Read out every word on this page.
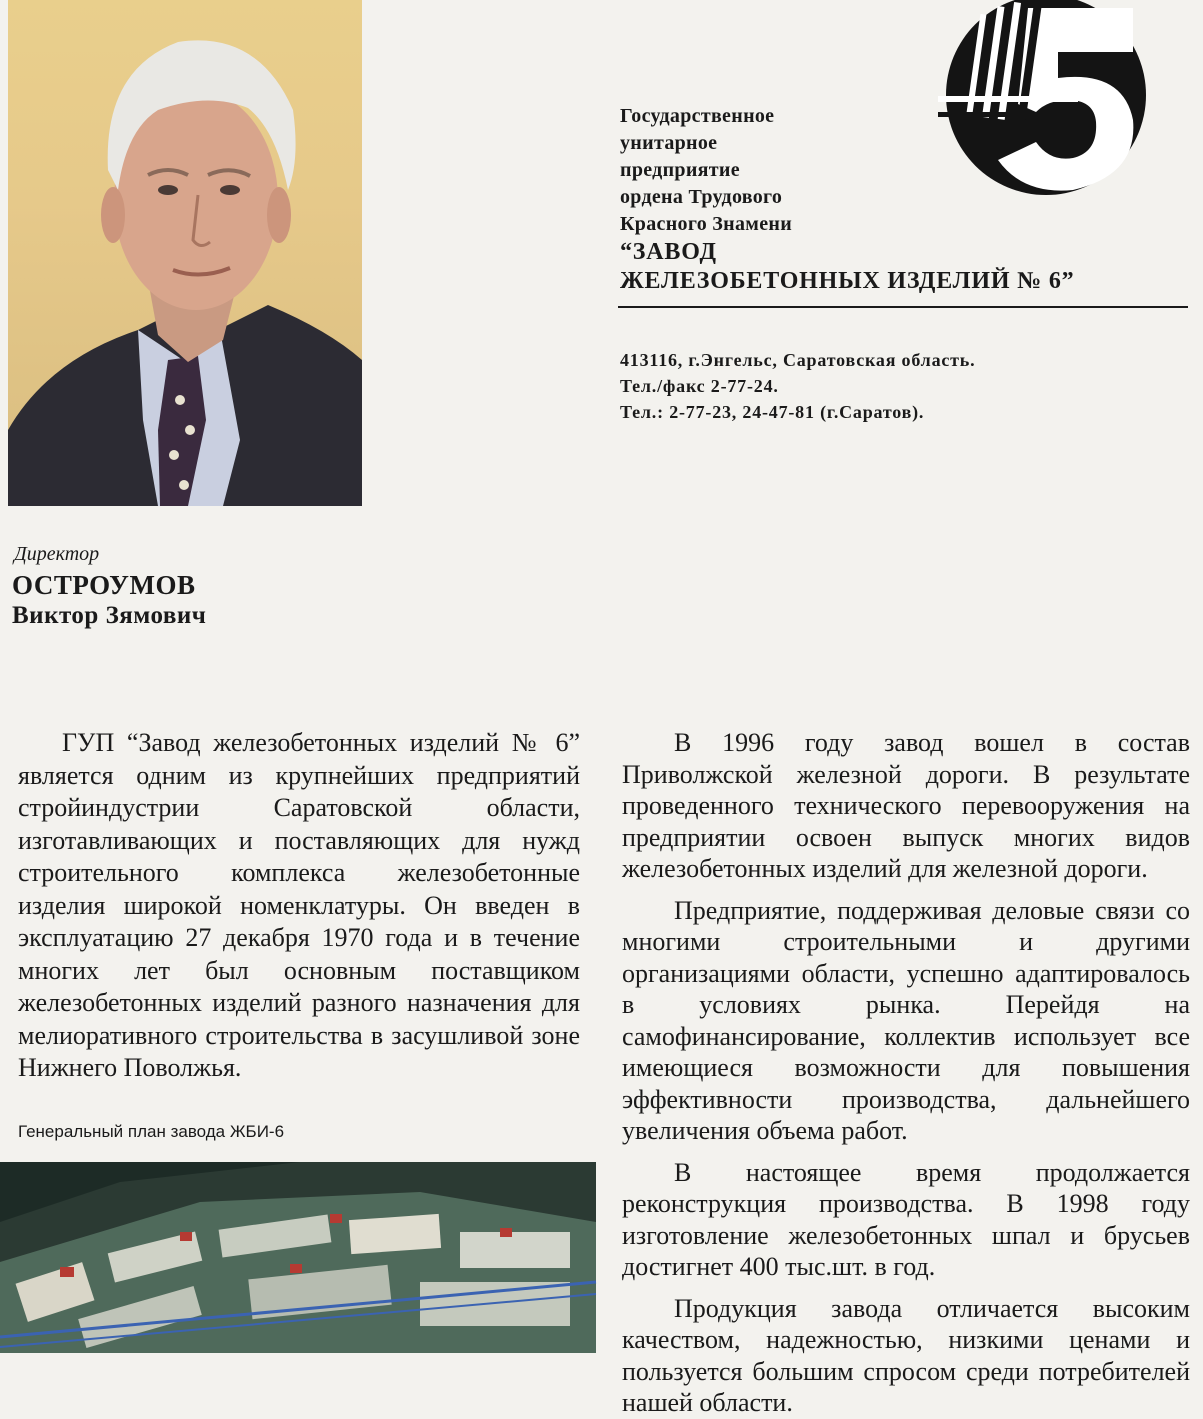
Директор
ОСТРОУМОВ
Виктор Зямович
Государственное
унитарное
предприятие
ордена Трудового
Красного Знамени
“ЗАВОД
ЖЕЛЕЗОБЕТОННЫХ ИЗДЕЛИЙ № 6”
413116, г.Энгельс, Саратовская область.
Тел./факс 2-77-24.
Тел.: 2-77-23, 24-47-81 (г.Саратов).

ГУП “Завод железобетонных изделий № 6” является одним из крупнейших предприятий стройиндустрии Саратовской области, изготавливающих и поставляющих для нужд строительного комплекса железобетонные изделия широкой номенклатуры. Он введен в эксплуатацию 27 декабря 1970 года и в течение многих лет был основным поставщиком железобетонных изделий разного назначения для мелиоративного строительства в засушливой зоне Нижнего Поволжья.

В 1996 году завод вошел в состав Приволжской железной дороги. В результате проведенного технического перевооружения на предприятии освоен выпуск многих видов железобетонных изделий для железной дороги.

Предприятие, поддерживая деловые связи со многими строительными и другими организациями области, успешно адаптировалось в условиях рынка. Перейдя на самофинансирование, коллектив использует все имеющиеся возможности для повышения эффективности производства, дальнейшего увеличения объема работ.

В настоящее время продолжается реконструкция производства. В 1998 году изготовление железобетонных шпал и брусьев достигнет 400 тыс.шт. в год.

Продукция завода отличается высоким качеством, надежностью, низкими ценами и пользуется большим спросом среди потребителей нашей области.

Генеральный план завода ЖБИ-6
